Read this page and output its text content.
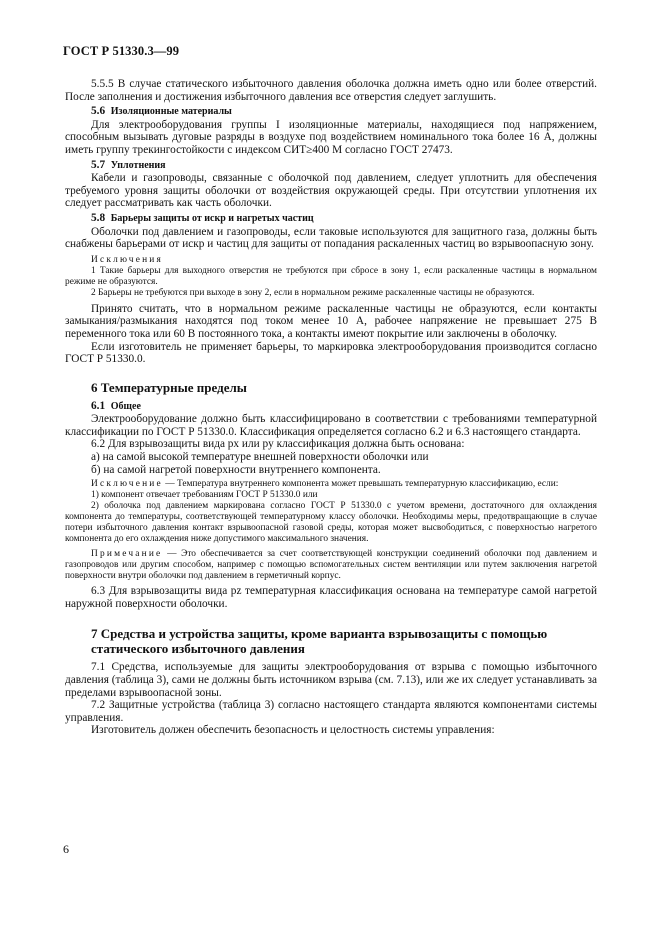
ГОСТ Р 51330.3—99

5.5.5 В случае статического избыточного давления оболочка должна иметь одно или более отверстий. После заполнения и достижения избыточного давления все отверстия следует заглушить.

5.6 Изоляционные материалы

Для электрооборудования группы I изоляционные материалы, находящиеся под напряжением, способным вызывать дуговые разряды в воздухе под воздействием номинального тока более 16 А, должны иметь группу трекингостойкости с индексом СИТ≥400 М согласно ГОСТ 27473.

5.7 Уплотнения

Кабели и газопроводы, связанные с оболочкой под давлением, следует уплотнить для обеспечения требуемого уровня защиты оболочки от воздействия окружающей среды. При отсутствии уплотнения их следует рассматривать как часть оболочки.

5.8 Барьеры защиты от искр и нагретых частиц

Оболочки под давлением и газопроводы, если таковые используются для защитного газа, должны быть снабжены барьерами от искр и частиц для защиты от попадания раскаленных частиц во взрывоопасную зону.

Исключения

1 Такие барьеры для выходного отверстия не требуются при сбросе в зону 1, если раскаленные частицы в нормальном режиме не образуются.

2 Барьеры не требуются при выходе в зону 2, если в нормальном режиме раскаленные частицы не образуются.

Принято считать, что в нормальном режиме раскаленные частицы не образуются, если контакты замыкания/размыкания находятся под током менее 10 А, рабочее напряжение не превышает 275 В переменного тока или 60 В постоянного тока, а контакты имеют покрытие или заключены в оболочку.

Если изготовитель не применяет барьеры, то маркировка электрооборудования производится согласно ГОСТ Р 51330.0.

6 Температурные пределы

6.1 Общее

Электрооборудование должно быть классифицировано в соответствии с требованиями температурной классификации по ГОСТ Р 51330.0. Классификация определяется согласно 6.2 и 6.3 настоящего стандарта.

6.2 Для взрывозащиты вида px или py классификация должна быть основана:

а) на самой высокой температуре внешней поверхности оболочки или

б) на самой нагретой поверхности внутреннего компонента.

Исключение — Температура внутреннего компонента может превышать температурную классификацию, если:

1) компонент отвечает требованиям ГОСТ Р 51330.0 или

2) оболочка под давлением маркирована согласно ГОСТ Р 51330.0 с учетом времени, достаточного для охлаждения компонента до температуры, соответствующей температурному классу оболочки. Необходимы меры, предотвращающие в случае потери избыточного давления контакт взрывоопасной газовой среды, которая может высвободиться, с поверхностью нагретого компонента до его охлаждения ниже допустимого максимального значения.

Примечание — Это обеспечивается за счет соответствующей конструкции соединений оболочки под давлением и газопроводов или другим способом, например с помощью вспомогательных систем вентиляции или путем заключения нагретой поверхности внутри оболочки под давлением в герметичный корпус.

6.3 Для взрывозащиты вида pz температурная классификация основана на температуре самой нагретой наружной поверхности оболочки.

7 Средства и устройства защиты, кроме варианта взрывозащиты с помощью
статического избыточного давления

7.1 Средства, используемые для защиты электрооборудования от взрыва с помощью избыточного давления (таблица 3), сами не должны быть источником взрыва (см. 7.13), или же их следует устанавливать за пределами взрывоопасной зоны.

7.2 Защитные устройства (таблица 3) согласно настоящего стандарта являются компонентами системы управления.

Изготовитель должен обеспечить безопасность и целостность системы управления:

6
